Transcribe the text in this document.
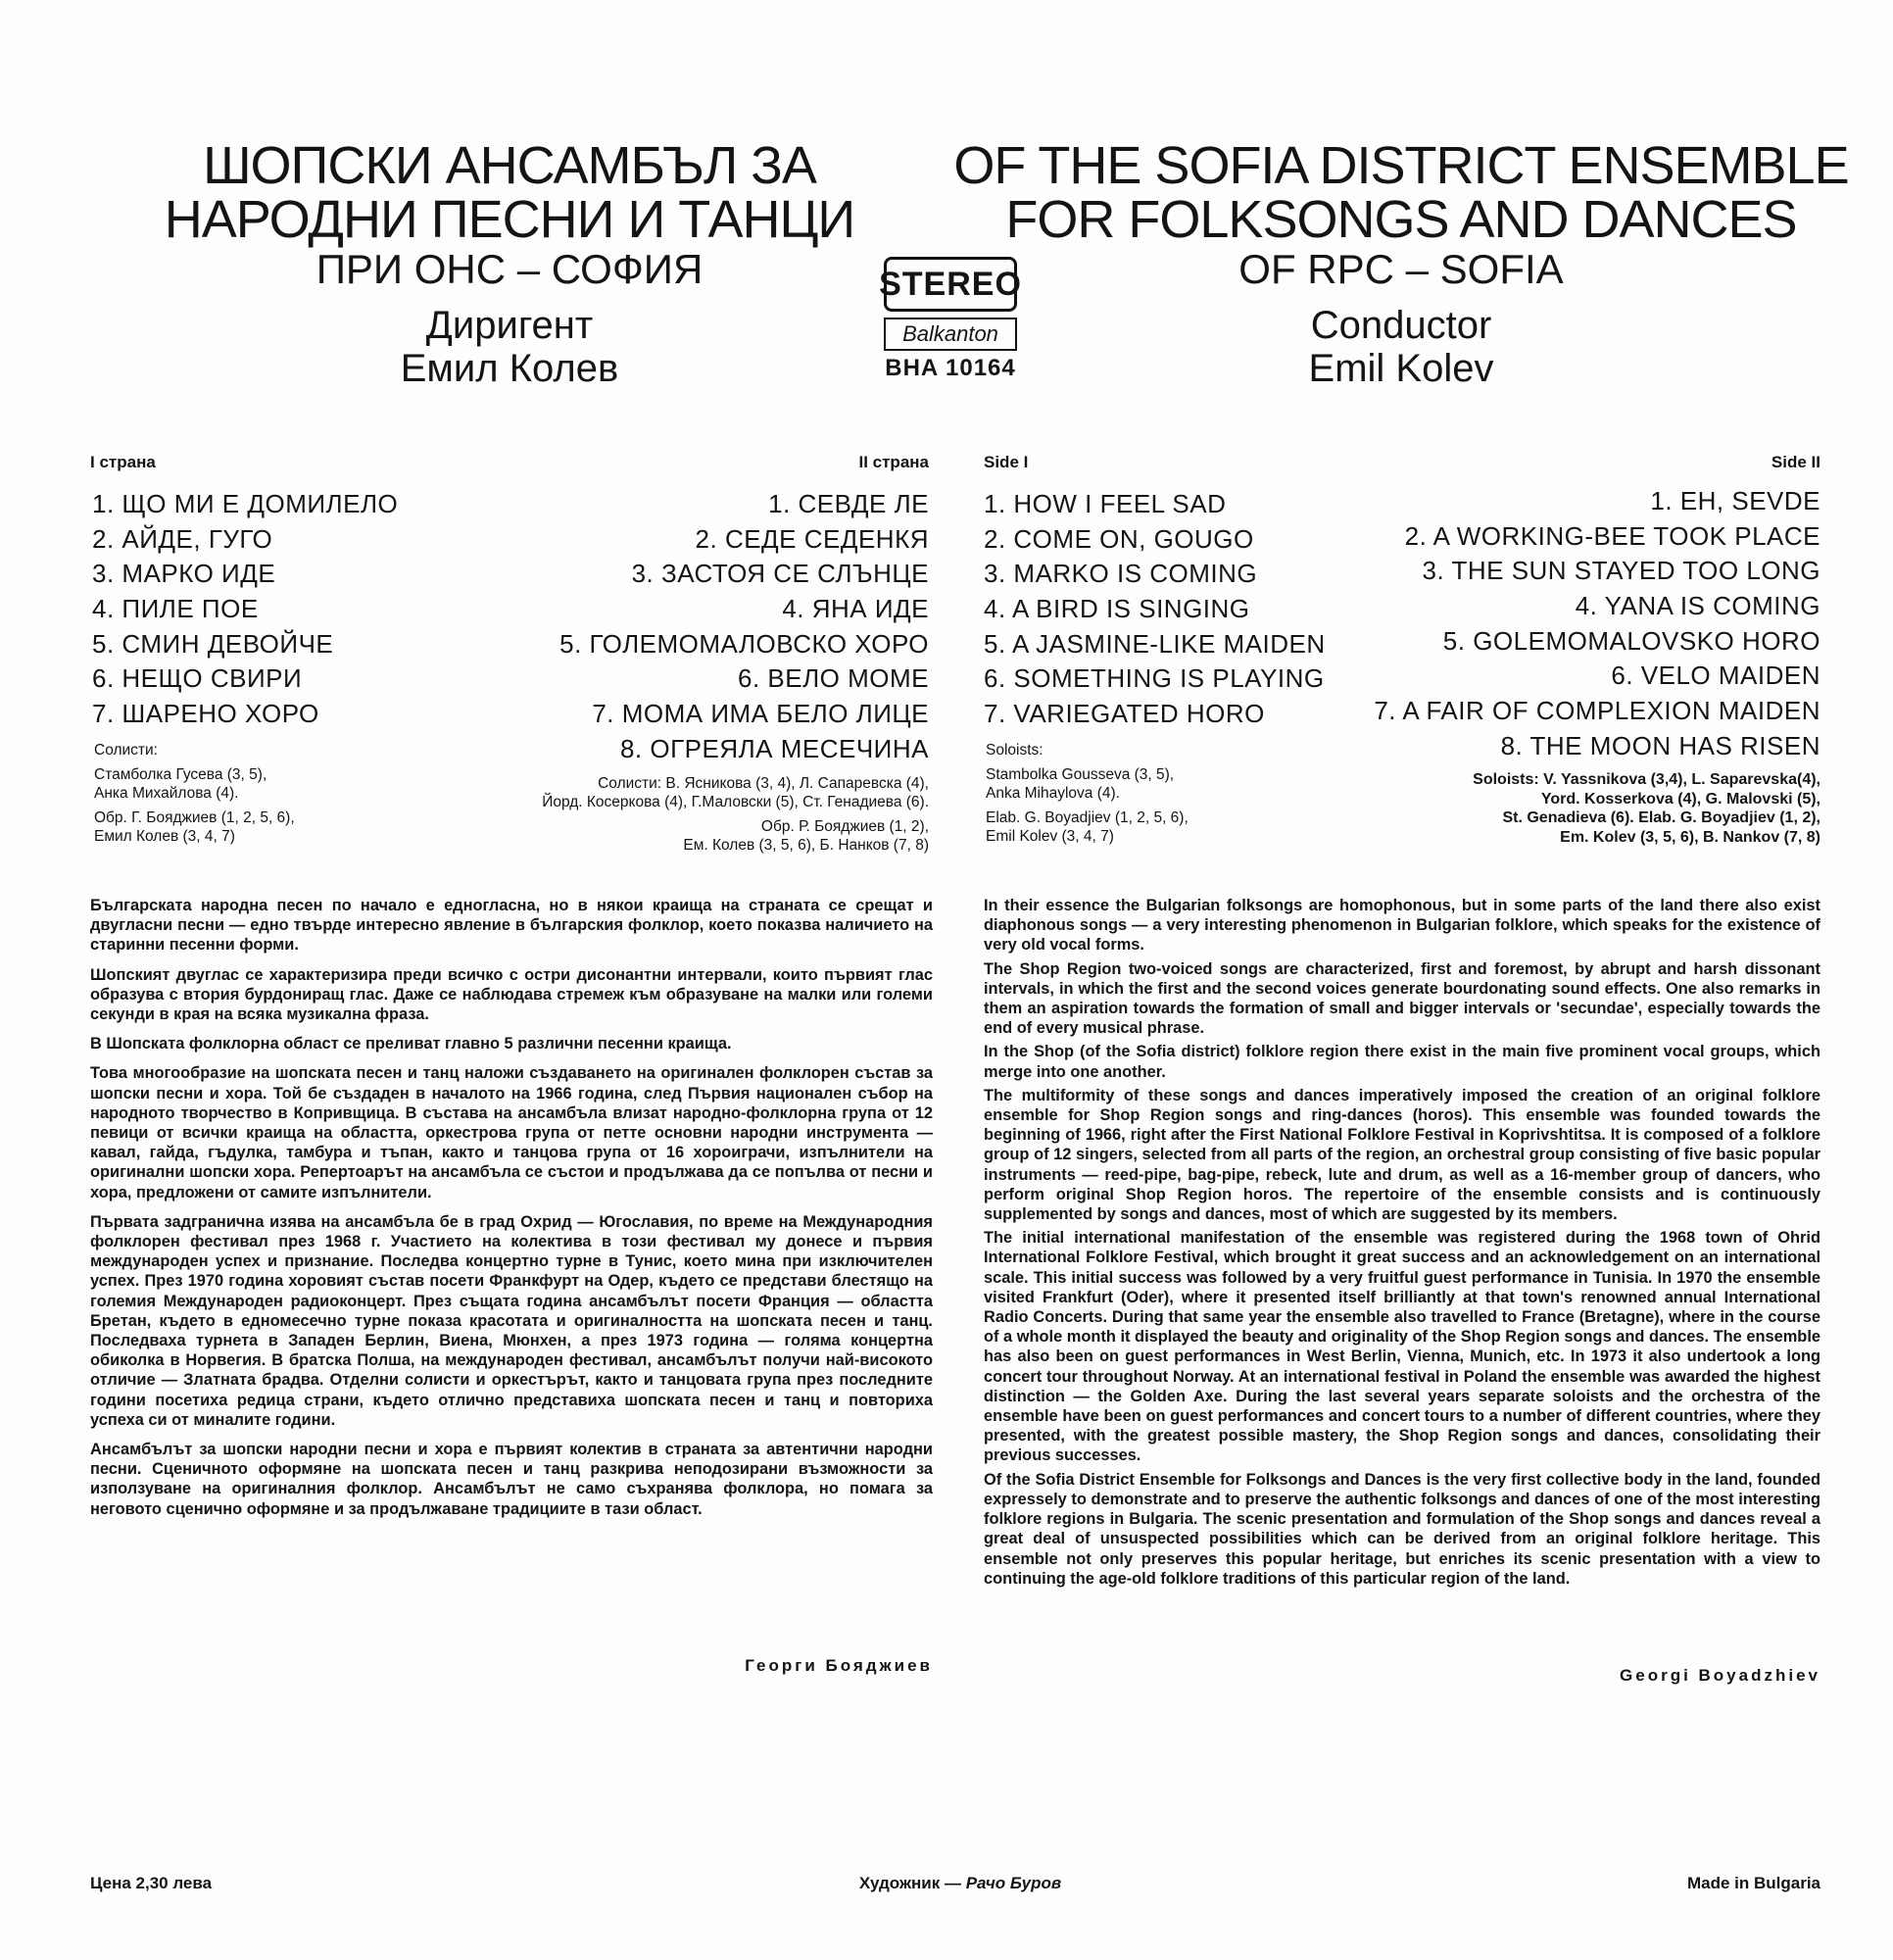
ШОПСКИ АНСАМБЪЛ ЗА
НАРОДНИ ПЕСНИ И ТАНЦИ
ПРИ ОНС – СОФИЯ
Диригент
Емил Колев
OF THE SOFIA DISTRICT ENSEMBLE
FOR FOLKSONGS AND DANCES
OF RPC – SOFIA
Conductor
Emil Kolev
STEREO
Balkanton
BHA 10164
I страна	II страна	Side I	Side II
1. ЩО МИ Е ДОМИЛЕЛО
2. АЙДЕ, ГУГО
3. МАРКО ИДЕ
4. ПИЛЕ ПОЕ
5. СМИН ДЕВОЙЧЕ
6. НЕЩО СВИРИ
7. ШАРЕНО ХОРО
1. СЕВДЕ ЛЕ
2. СЕДЕ СЕДЕНКЯ
3. ЗАСТОЯ СЕ СЛЪНЦЕ
4. ЯНА ИДЕ
5. ГОЛЕМОМАЛОВСКО ХОРО
6. ВЕЛО МОМЕ
7. МОМА ИМА БЕЛО ЛИЦЕ
8. ОГРЕЯЛА МЕСЕЧИНА
1. HOW I FEEL SAD
2. COME ON, GOUGO
3. MARKO IS COMING
4. A BIRD IS SINGING
5. A JASMINE-LIKE MAIDEN
6. SOMETHING IS PLAYING
7. VARIEGATED HORO
1. EH, SEVDE
2. A WORKING-BEE TOOK PLACE
3. THE SUN STAYED TOO LONG
4. YANA IS COMING
5. GOLEMOMALOVSKO HORO
6. VELO MAIDEN
7. A FAIR OF COMPLEXION MAIDEN
8. THE MOON HAS RISEN
Солисти:
Стамболка Гусева (3, 5),
Анка Михайлова (4).
Обр. Г. Бояджиев (1, 2, 5, 6),
Емил Колев (3, 4, 7)
Солисти: В. Ясникова (3, 4), Л. Сапаревска (4),
Йорд. Косеркова (4), Г.Маловски (5), Ст. Генадиева (6).
Обр. Р. Бояджиев (1, 2),
Ем. Колев (3, 5, 6), Б. Нанков (7, 8)
Soloists:
Stambolka Gousseva (3, 5),
Anka Mihaylova (4).
Elab. G. Boyadjiev (1, 2, 5, 6),
Emil Kolev (3, 4, 7)
Soloists: V. Yassnikova (3,4), L. Saparevska(4),
Yord. Kosserkova (4), G. Malovski (5),
St. Genadieva (6). Elab. G. Boyadjiev (1, 2),
Em. Kolev (3, 5, 6), B. Nankov (7, 8)

Българската народна песен по начало е едногласна, но в някои краища на страната се срещат и двугласни песни — едно твърде интересно явление в българския фолклор, което показва наличието на старинни песенни форми.

Шопският двуглас се характеризира преди всичко с остри дисонантни интервали, които първият глас образува с втория бурдониращ глас. Даже се наблюдава стремеж към образуване на малки или големи секунди в края на всяка музикална фраза.

В Шопската фолклорна област се преливат главно 5 различни песенни краища.

Това многообразие на шопската песен и танц наложи създаването на оригинален фолклорен състав за шопски песни и хора. Той бе създаден в началото на 1966 година, след Първия национален събор на народното творчество в Копривщица. В състава на ансамбъла влизат народно-фолклорна група от 12 певици от всички краища на областта, оркестрова група от петте основни народни инструмента — кавал, гайда, гъдулка, тамбура и тъпан, както и танцова група от 16 хороиграчи, изпълнители на оригинални шопски хора. Репертоарът на ансамбъла се състои и продължава да се попълва от песни и хора, предложени от самите изпълнители.

Първата задгранична изява на ансамбъла бе в град Охрид — Югославия, по време на Международния фолклорен фестивал през 1968 г. Участието на колектива в този фестивал му донесе и първия международен успех и признание. Последва концертно турне в Тунис, което мина при изключителен успех. През 1970 година хоровият състав посети Франкфурт на Одер, където се представи блестящо на големия Международен радиоконцерт. През същата година ансамбълът посети Франция — областта Бретан, където в едномесечно турне показа красотата и оригиналността на шопската песен и танц. Последваха турнета в Западен Берлин, Виена, Мюнхен, а през 1973 година — голяма концертна обиколка в Норвегия. В братска Полша, на международен фестивал, ансамбълът получи най-високото отличие — Златната брадва. Отделни солисти и оркестърът, както и танцовата група през последните години посетиха редица страни, където отлично представиха шопската песен и танц и повториха успеха си от миналите години.

Ансамбълът за шопски народни песни и хора е първият колектив в страната за автентични народни песни. Сценичното оформяне на шопската песен и танц разкрива неподозирани възможности за използуване на оригиналния фолклор. Ансамбълът не само съхранява фолклора, но помага за неговото сценично оформяне и за продължаване традициите в тази област.

Георги Бояджиев

In their essence the Bulgarian folksongs are homophonous, but in some parts of the land there also exist diaphonous songs — a very interesting phenomenon in Bulgarian folklore, which speaks for the existence of very old vocal forms.

The Shop Region two-voiced songs are characterized, first and foremost, by abrupt and harsh dissonant intervals, in which the first and the second voices generate bourdonating sound effects. One also remarks in them an aspiration towards the formation of small and bigger intervals or 'secundae', especially towards the end of every musical phrase.

In the Shop (of the Sofia district) folklore region there exist in the main five prominent vocal groups, which merge into one another.

The multiformity of these songs and dances imperatively imposed the creation of an original folklore ensemble for Shop Region songs and ring-dances (horos). This ensemble was founded towards the beginning of 1966, right after the First National Folklore Festival in Koprivshtitsa. It is composed of a folklore group of 12 singers, selected from all parts of the region, an orchestral group consisting of five basic popular instruments — reed-pipe, bag-pipe, rebeck, lute and drum, as well as a 16-member group of dancers, who perform original Shop Region horos. The repertoire of the ensemble consists and is continuously supplemented by songs and dances, most of which are suggested by its members.

The initial international manifestation of the ensemble was registered during the 1968 town of Ohrid International Folklore Festival, which brought it great success and an acknowledgement on an international scale. This initial success was followed by a very fruitful guest performance in Tunisia. In 1970 the ensemble visited Frankfurt (Oder), where it presented itself brilliantly at that town's renowned annual International Radio Concerts. During that same year the ensemble also travelled to France (Bretagne), where in the course of a whole month it displayed the beauty and originality of the Shop Region songs and dances. The ensemble has also been on guest performances in West Berlin, Vienna, Munich, etc. In 1973 it also undertook a long concert tour throughout Norway. At an international festival in Poland the ensemble was awarded the highest distinction — the Golden Axe. During the last several years separate soloists and the orchestra of the ensemble have been on guest performances and concert tours to a number of different countries, where they presented, with the greatest possible mastery, the Shop Region songs and dances, consolidating their previous successes.

Of the Sofia District Ensemble for Folksongs and Dances is the very first collective body in the land, founded expressely to demonstrate and to preserve the authentic folksongs and dances of one of the most interesting folklore regions in Bulgaria. The scenic presentation and formulation of the Shop songs and dances reveal a great deal of unsuspected possibilities which can be derived from an original folklore heritage. This ensemble not only preserves this popular heritage, but enriches its scenic presentation with a view to continuing the age-old folklore traditions of this particular region of the land.

Georgi Boyadzhiev
Цена 2,30 лева	Художник — Рачо Буров	Made in Bulgaria
